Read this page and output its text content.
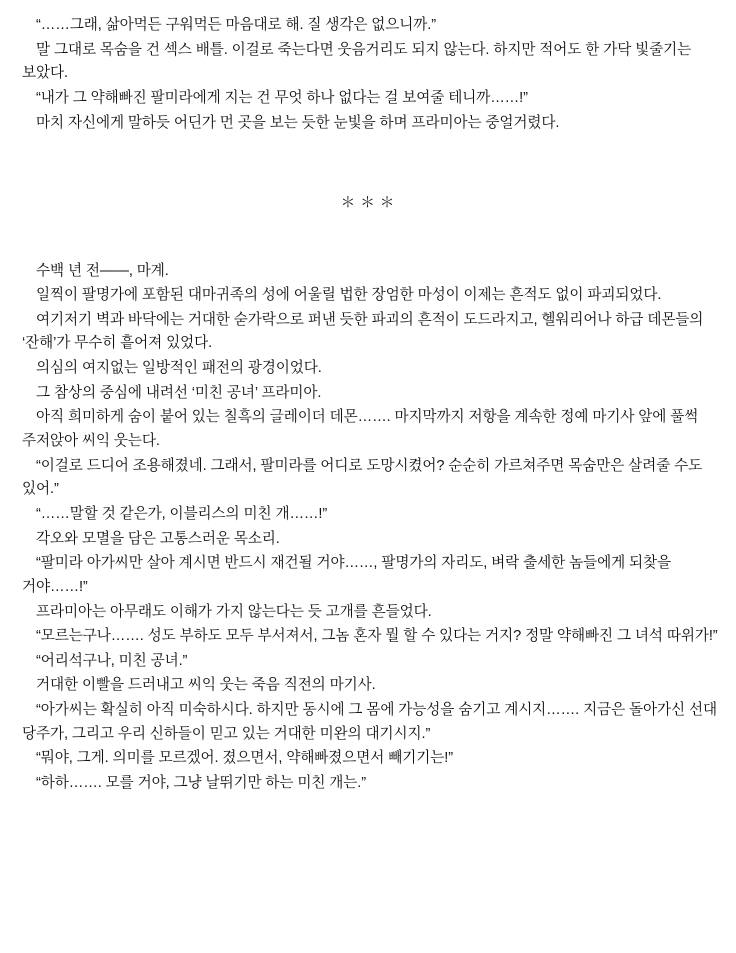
“……그래, 삶아먹든 구워먹든 마음대로 해. 질 생각은 없으니까.”

말 그대로 목숨을 건 섹스 배틀. 이걸로 죽는다면 웃음거리도 되지 않는다. 하지만 적어도 한 가닥 빛줄기는 보았다.

“내가 그 약해빠진 팔미라에게 지는 건 무엇 하나 없다는 걸 보여줄 테니까……!”

마치 자신에게 말하듯 어딘가 먼 곳을 보는 듯한 눈빛을 하며 프라미아는 중얼거렸다.

＊＊＊

수백 년 전——, 마계.

일찍이 팔명가에 포함된 대마귀족의 성에 어울릴 법한 장엄한 마성이 이제는 흔적도 없이 파괴되었다.

여기저기 벽과 바닥에는 거대한 숟가락으로 퍼낸 듯한 파괴의 흔적이 도드라지고, 헬워리어나 하급 데몬들의 ‘잔해’가 무수히 흩어져 있었다.

의심의 여지없는 일방적인 패전의 광경이었다.

그 참상의 중심에 내려선 ‘미친 공녀’ 프라미아.

아직 희미하게 숨이 붙어 있는 칠흑의 글레이더 데몬……. 마지막까지 저항을 계속한 정예 마기사 앞에 풀썩 주저앉아 씨익 웃는다.

“이걸로 드디어 조용해졌네. 그래서, 팔미라를 어디로 도망시켰어? 순순히 가르쳐주면 목숨만은 살려줄 수도 있어.”

“……말할 것 같은가, 이블리스의 미친 개……!”

각오와 모멸을 담은 고통스러운 목소리.

“팔미라 아가씨만 살아 계시면 반드시 재건될 거야……, 팔명가의 자리도, 벼락 출세한 놈들에게 되찾을 거야……!”

프라미아는 아무래도 이해가 가지 않는다는 듯 고개를 흔들었다.

“모르는구나……. 성도 부하도 모두 부서져서, 그놈 혼자 뭘 할 수 있다는 거지? 정말 약해빠진 그 녀석 따위가!”

“어리석구나, 미친 공녀.”

거대한 이빨을 드러내고 씨익 웃는 죽음 직전의 마기사.

“아가씨는 확실히 아직 미숙하시다. 하지만 동시에 그 몸에 가능성을 숨기고 계시지……. 지금은 돌아가신 선대 당주가, 그리고 우리 신하들이 믿고 있는 거대한 미완의 대기시지.”

“뭐야, 그게. 의미를 모르겠어. 졌으면서, 약해빠졌으면서 빼기기는!”

“하하……. 모를 거야, 그냥 날뛰기만 하는 미친 개는.”
